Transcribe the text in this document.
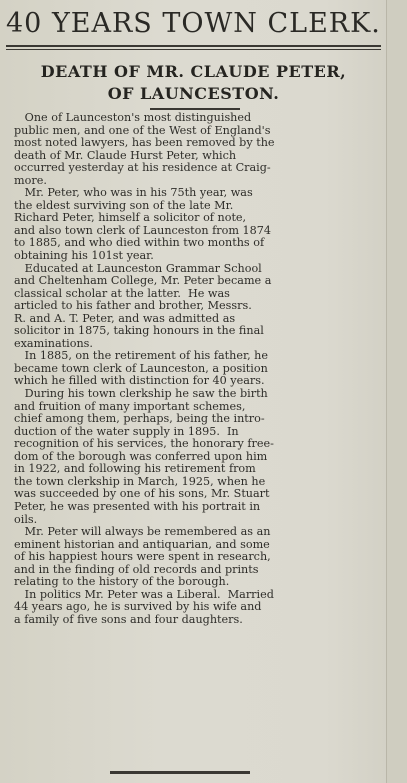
40 YEARS TOWN CLERK.
DEATH OF MR. CLAUDE PETER,
OF LAUNCESTON.
One of Launceston's most distinguished
public men, and one of the West of England's
most noted lawyers, has been removed by the
death of Mr. Claude Hurst Peter, which
occurred yesterday at his residence at Craig-
more.
Mr. Peter, who was in his 75th year, was
the eldest surviving son of the late Mr.
Richard Peter, himself a solicitor of note,
and also town clerk of Launceston from 1874
to 1885, and who died within two months of
obtaining his 101st year.
Educated at Launceston Grammar School
and Cheltenham College, Mr. Peter became a
classical scholar at the latter.  He was
articled to his father and brother, Messrs.
R. and A. T. Peter, and was admitted as
solicitor in 1875, taking honours in the final
examinations.
In 1885, on the retirement of his father, he
became town clerk of Launceston, a position
which he filled with distinction for 40 years.
During his town clerkship he saw the birth
and fruition of many important schemes,
chief among them, perhaps, being the intro-
duction of the water supply in 1895.  In
recognition of his services, the honorary free-
dom of the borough was conferred upon him
in 1922, and following his retirement from
the town clerkship in March, 1925, when he
was succeeded by one of his sons, Mr. Stuart
Peter, he was presented with his portrait in
oils.
Mr. Peter will always be remembered as an
eminent historian and antiquarian, and some
of his happiest hours were spent in research,
and in the finding of old records and prints
relating to the history of the borough.
In politics Mr. Peter was a Liberal.  Married
44 years ago, he is survived by his wife and
a family of five sons and four daughters.
